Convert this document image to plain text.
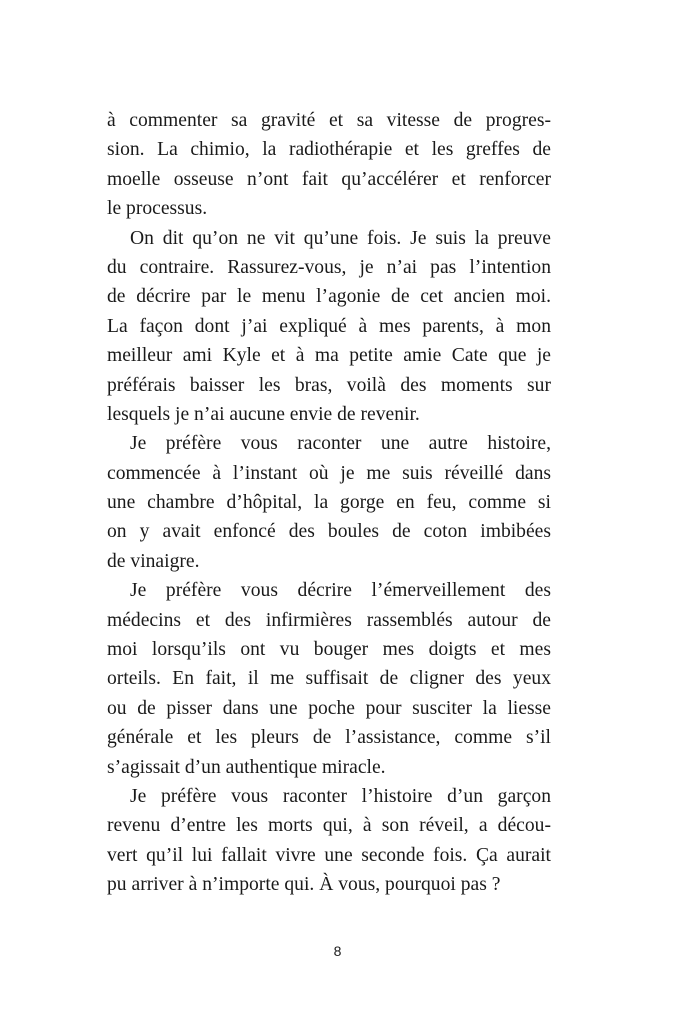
à commenter sa gravité et sa vitesse de progres-
sion. La chimio, la radiothérapie et les greffes de
moelle osseuse n’ont fait qu’accélérer et renforcer
le processus.
On dit qu’on ne vit qu’une fois. Je suis la preuve
du contraire. Rassurez-vous, je n’ai pas l’intention
de décrire par le menu l’agonie de cet ancien moi.
La façon dont j’ai expliqué à mes parents, à mon
meilleur ami Kyle et à ma petite amie Cate que je
préférais baisser les bras, voilà des moments sur
lesquels je n’ai aucune envie de revenir.
Je préfère vous raconter une autre histoire,
commencée à l’instant où je me suis réveillé dans
une chambre d’hôpital, la gorge en feu, comme si
on y avait enfoncé des boules de coton imbibées
de vinaigre.
Je préfère vous décrire l’émerveillement des
médecins et des infirmières rassemblés autour de
moi lorsqu’ils ont vu bouger mes doigts et mes
orteils. En fait, il me suffisait de cligner des yeux
ou de pisser dans une poche pour susciter la liesse
générale et les pleurs de l’assistance, comme s’il
s’agissait d’un authentique miracle.
Je préfère vous raconter l’histoire d’un garçon
revenu d’entre les morts qui, à son réveil, a décou-
vert qu’il lui fallait vivre une seconde fois. Ça aurait
pu arriver à n’importe qui. À vous, pourquoi pas ?
8
